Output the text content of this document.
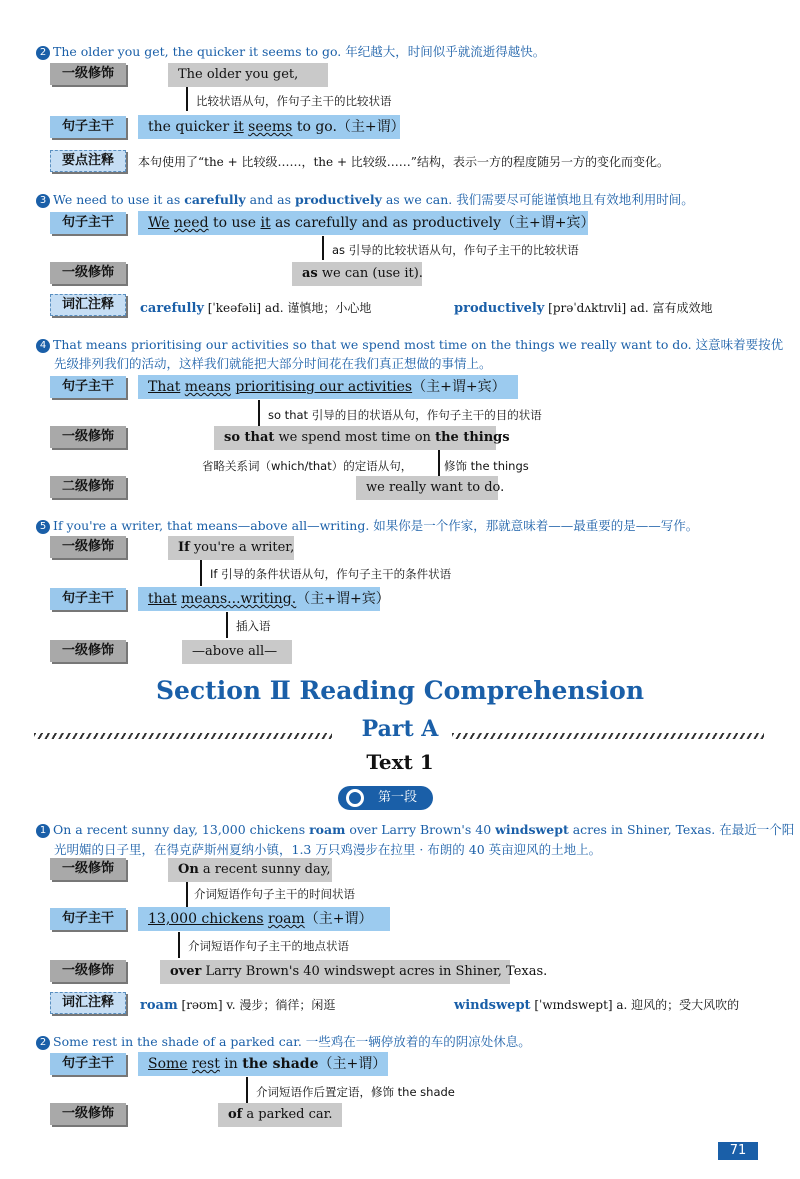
2 The older you get, the quicker it seems to go. 年纪越大，时间似乎就流逝得越快。
一级修饰	The older you get,
比较状语从句，作句子主干的比较状语
句子主干	the quicker it seems to go.（主+谓）
要点注释	本句使用了“the + 比较级……，the + 比较级……”结构，表示一方的程度随另一方的变化而变化。
3 We need to use it as carefully and as productively as we can. 我们需要尽可能谨慎地且有效地利用时间。
句子主干	We need to use it as carefully and as productively（主+谓+宾）
as 引导的比较状语从句，作句子主干的比较状语
一级修饰	as we can (use it).
词汇注释	carefully [ˈkeəfəli] ad. 谨慎地；小心地	productively [prəˈdʌktɪvli] ad. 富有成效地
4 That means prioritising our activities so that we spend most time on the things we really want to do. 这意味着要按优
先级排列我们的活动，这样我们就能把大部分时间花在我们真正想做的事情上。
句子主干	That means prioritising our activities（主+谓+宾）
so that 引导的目的状语从句，作句子主干的目的状语
一级修饰	so that we spend most time on the things
省略关系词（which/that）的定语从句，	修饰 the things
二级修饰	we really want to do.
5 If you're a writer, that means—above all—writing. 如果你是一个作家，那就意味着——最重要的是——写作。
一级修饰	If you're a writer,
If 引导的条件状语从句，作句子主干的条件状语
句子主干	that means...writing.（主+谓+宾）
插入语
一级修饰	—above all—
Section Ⅱ Reading Comprehension
Part A
Text 1
第一段
1 On a recent sunny day, 13,000 chickens roam over Larry Brown's 40 windswept acres in Shiner, Texas. 在最近一个阳
光明媚的日子里，在得克萨斯州夏纳小镇，1.3 万只鸡漫步在拉里 · 布朗的 40 英亩迎风的土地上。
一级修饰	On a recent sunny day,
介词短语作句子主干的时间状语
句子主干	13,000 chickens roam（主+谓）
介词短语作句子主干的地点状语
一级修饰	over Larry Brown's 40 windswept acres in Shiner, Texas.
词汇注释	roam [rəʊm] v. 漫步；徜徉；闲逛	windswept [ˈwɪndswept] a. 迎风的；受大风吹的
2 Some rest in the shade of a parked car. 一些鸡在一辆停放着的车的阴凉处休息。
句子主干	Some rest in the shade（主+谓）
介词短语作后置定语，修饰 the shade
一级修饰	of a parked car.
71
